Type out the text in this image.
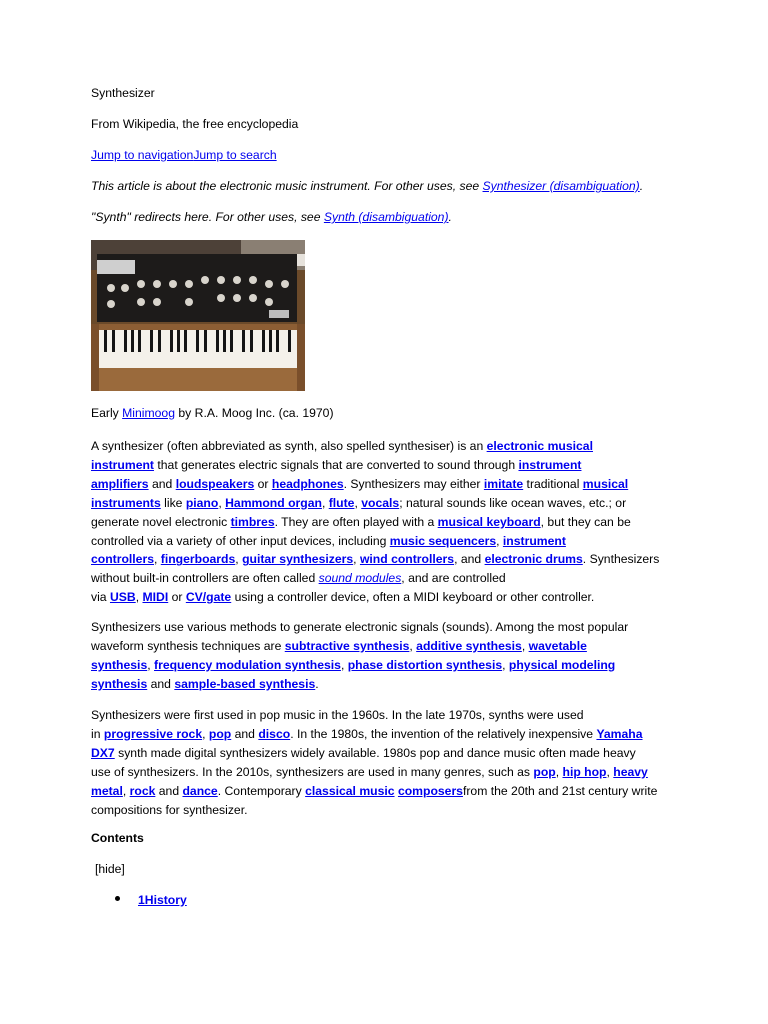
Synthesizer

From Wikipedia, the free encyclopedia

Jump to navigationJump to search

This article is about the electronic music instrument. For other uses, see Synthesizer (disambiguation).

"Synth" redirects here. For other uses, see Synth (disambiguation).

Early Minimoog by R.A. Moog Inc. (ca. 1970)

A synthesizer (often abbreviated as synth, also spelled synthesiser) is an electronic musical
instrument that generates electric signals that are converted to sound through instrument
amplifiers and loudspeakers or headphones. Synthesizers may either imitate traditional musical
instruments like piano, Hammond organ, flute, vocals; natural sounds like ocean waves, etc.; or
generate novel electronic timbres. They are often played with a musical keyboard, but they can be
controlled via a variety of other input devices, including music sequencers, instrument
controllers, fingerboards, guitar synthesizers, wind controllers, and electronic drums. Synthesizers
without built-in controllers are often called sound modules, and are controlled
via USB, MIDI or CV/gate using a controller device, often a MIDI keyboard or other controller.

Synthesizers use various methods to generate electronic signals (sounds). Among the most popular
waveform synthesis techniques are subtractive synthesis, additive synthesis, wavetable
synthesis, frequency modulation synthesis, phase distortion synthesis, physical modeling
synthesis and sample-based synthesis.

Synthesizers were first used in pop music in the 1960s. In the late 1970s, synths were used
in progressive rock, pop and disco. In the 1980s, the invention of the relatively inexpensive Yamaha
DX7 synth made digital synthesizers widely available. 1980s pop and dance music often made heavy
use of synthesizers. In the 2010s, synthesizers are used in many genres, such as pop, hip hop, heavy
metal, rock and dance. Contemporary classical music composersfrom the 20th and 21st century write
compositions for synthesizer.

Contents

[hide]

1History
